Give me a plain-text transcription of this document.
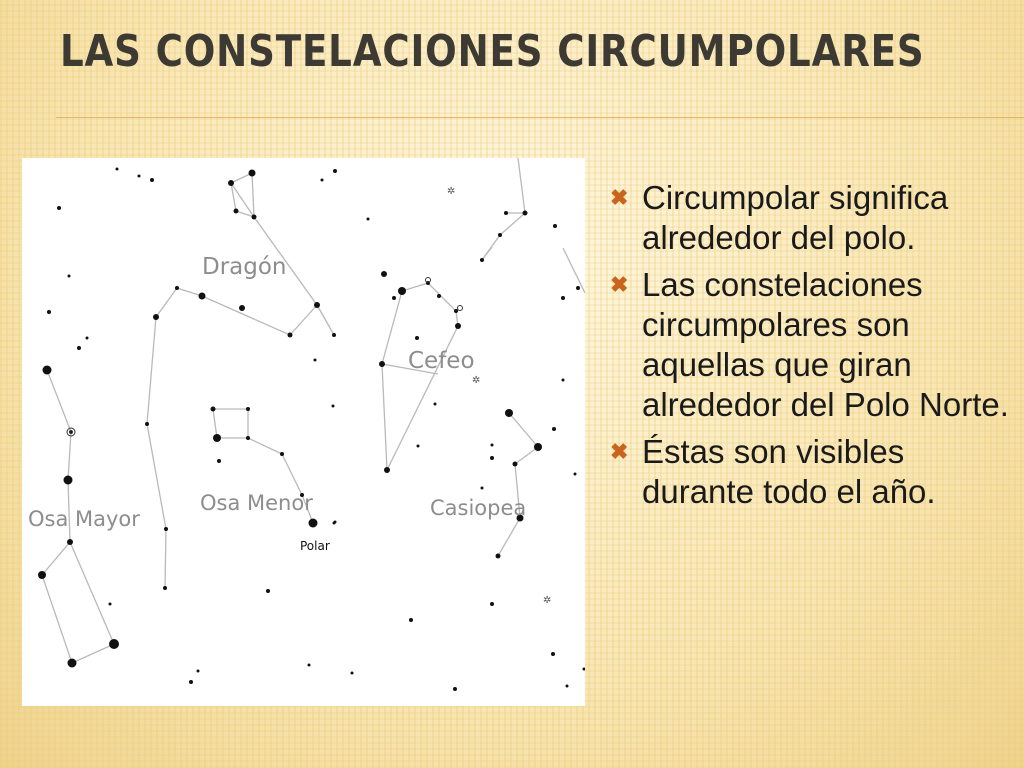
LAS CONSTELACIONES CIRCUMPOLARES
✲
✲
✲
Dragón
Cefeo
Osa Mayor
Osa Menor	Casiopea
Polar
✖ Circumpolar significa alrededor del polo.
✖ Las constelaciones circumpolares son aquellas que giran alrededor del Polo Norte.
✖ Éstas son visibles durante todo el año.
